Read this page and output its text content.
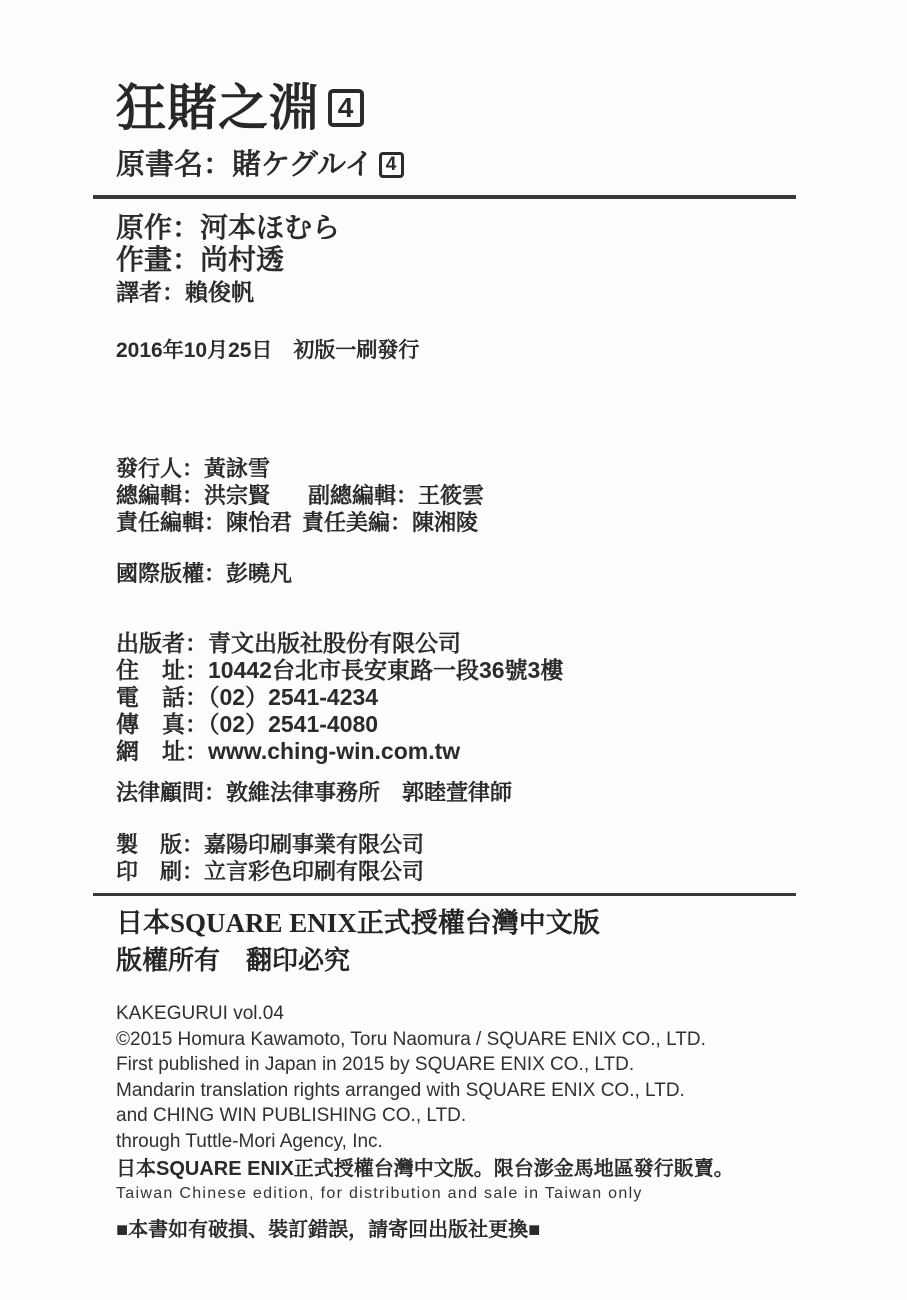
狂賭之淵 4
原書名：賭ケグルイ 4
原作：河本ほむら
作畫：尚村透
譯者：賴俊帆
2016年10月25日　初版一刷發行
發行人：黃詠雪
總編輯：洪宗賢 副總編輯：王筱雲
責任編輯：陳怡君 責任美編：陳湘陵
國際版權：彭曉凡
出版者：青文出版社股份有限公司
住　址：10442台北市長安東路一段36號3樓
電　話：（02）2541-4234
傳　真：（02）2541-4080
網　址：www.ching-win.com.tw
法律顧問：敦維法律事務所　郭睦萱律師
製　版：嘉陽印刷事業有限公司
印　刷：立言彩色印刷有限公司
日本SQUARE ENIX正式授權台灣中文版
版權所有　翻印必究
KAKEGURUI vol.04
©2015 Homura Kawamoto, Toru Naomura / SQUARE ENIX CO., LTD.
First published in Japan in 2015 by SQUARE ENIX CO., LTD.
Mandarin translation rights arranged with SQUARE ENIX CO., LTD.
and CHING WIN PUBLISHING CO., LTD.
through Tuttle-Mori Agency, Inc.
日本SQUARE ENIX正式授權台灣中文版。限台澎金馬地區發行販賣。
Taiwan Chinese edition, for distribution and sale in Taiwan only
■本書如有破損、裝訂錯誤，請寄回出版社更換■
